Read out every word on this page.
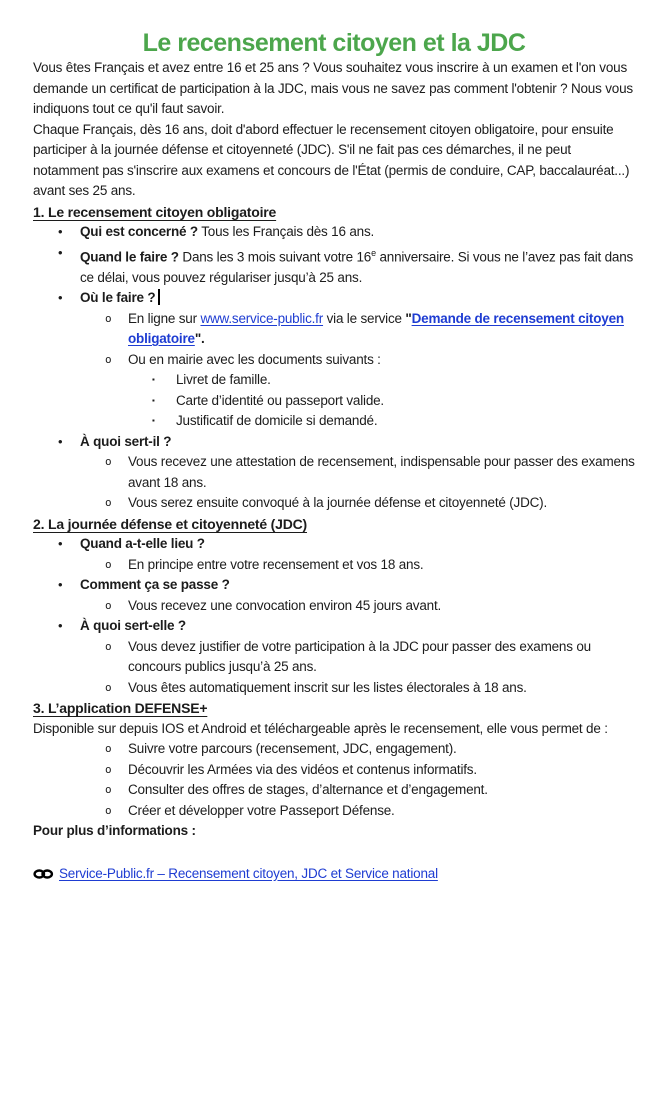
Le recensement citoyen et la JDC

Vous êtes Français et avez entre 16 et 25 ans ? Vous souhaitez vous inscrire à un examen et l'on vous demande un certificat de participation à la JDC, mais vous ne savez pas comment l'obtenir ? Nous vous indiquons tout ce qu'il faut savoir.

Chaque Français, dès 16 ans, doit d'abord effectuer le recensement citoyen obligatoire, pour ensuite participer à la journée défense et citoyenneté (JDC). S'il ne fait pas ces démarches, il ne peut notamment pas s'inscrire aux examens et concours de l'État (permis de conduire, CAP, baccalauréat...) avant ses 25 ans.

1. Le recensement citoyen obligatoire
•	Qui est concerné ? Tous les Français dès 16 ans.
•	Quand le faire ? Dans les 3 mois suivant votre 16e anniversaire. Si vous ne l’avez pas fait dans ce délai, vous pouvez régulariser jusqu’à 25 ans.
•	Où le faire ?
o	En ligne sur www.service-public.fr via le service "Demande de recensement citoyen obligatoire".
o	Ou en mairie avec les documents suivants :
▪	Livret de famille.
▪	Carte d’identité ou passeport valide.
▪	Justificatif de domicile si demandé.
•	À quoi sert-il ?
o	Vous recevez une attestation de recensement, indispensable pour passer des examens avant 18 ans.
o	Vous serez ensuite convoqué à la journée défense et citoyenneté (JDC).
2. La journée défense et citoyenneté (JDC)
•	Quand a-t-elle lieu ?
o	En principe entre votre recensement et vos 18 ans.
•	Comment ça se passe ?
o	Vous recevez une convocation environ 45 jours avant.
•	À quoi sert-elle ?
o	Vous devez justifier de votre participation à la JDC pour passer des examens ou concours publics jusqu’à 25 ans.
o	Vous êtes automatiquement inscrit sur les listes électorales à 18 ans.
3. L’application DEFENSE+

Disponible sur depuis IOS et Android et téléchargeable après le recensement, elle vous permet de :

o	Suivre votre parcours (recensement, JDC, engagement).
o	Découvrir les Armées via des vidéos et contenus informatifs.
o	Consulter des offres de stages, d’alternance et d’engagement.
o	Créer et développer votre Passeport Défense.

Pour plus d’informations :

Service-Public.fr – Recensement citoyen, JDC et Service national
